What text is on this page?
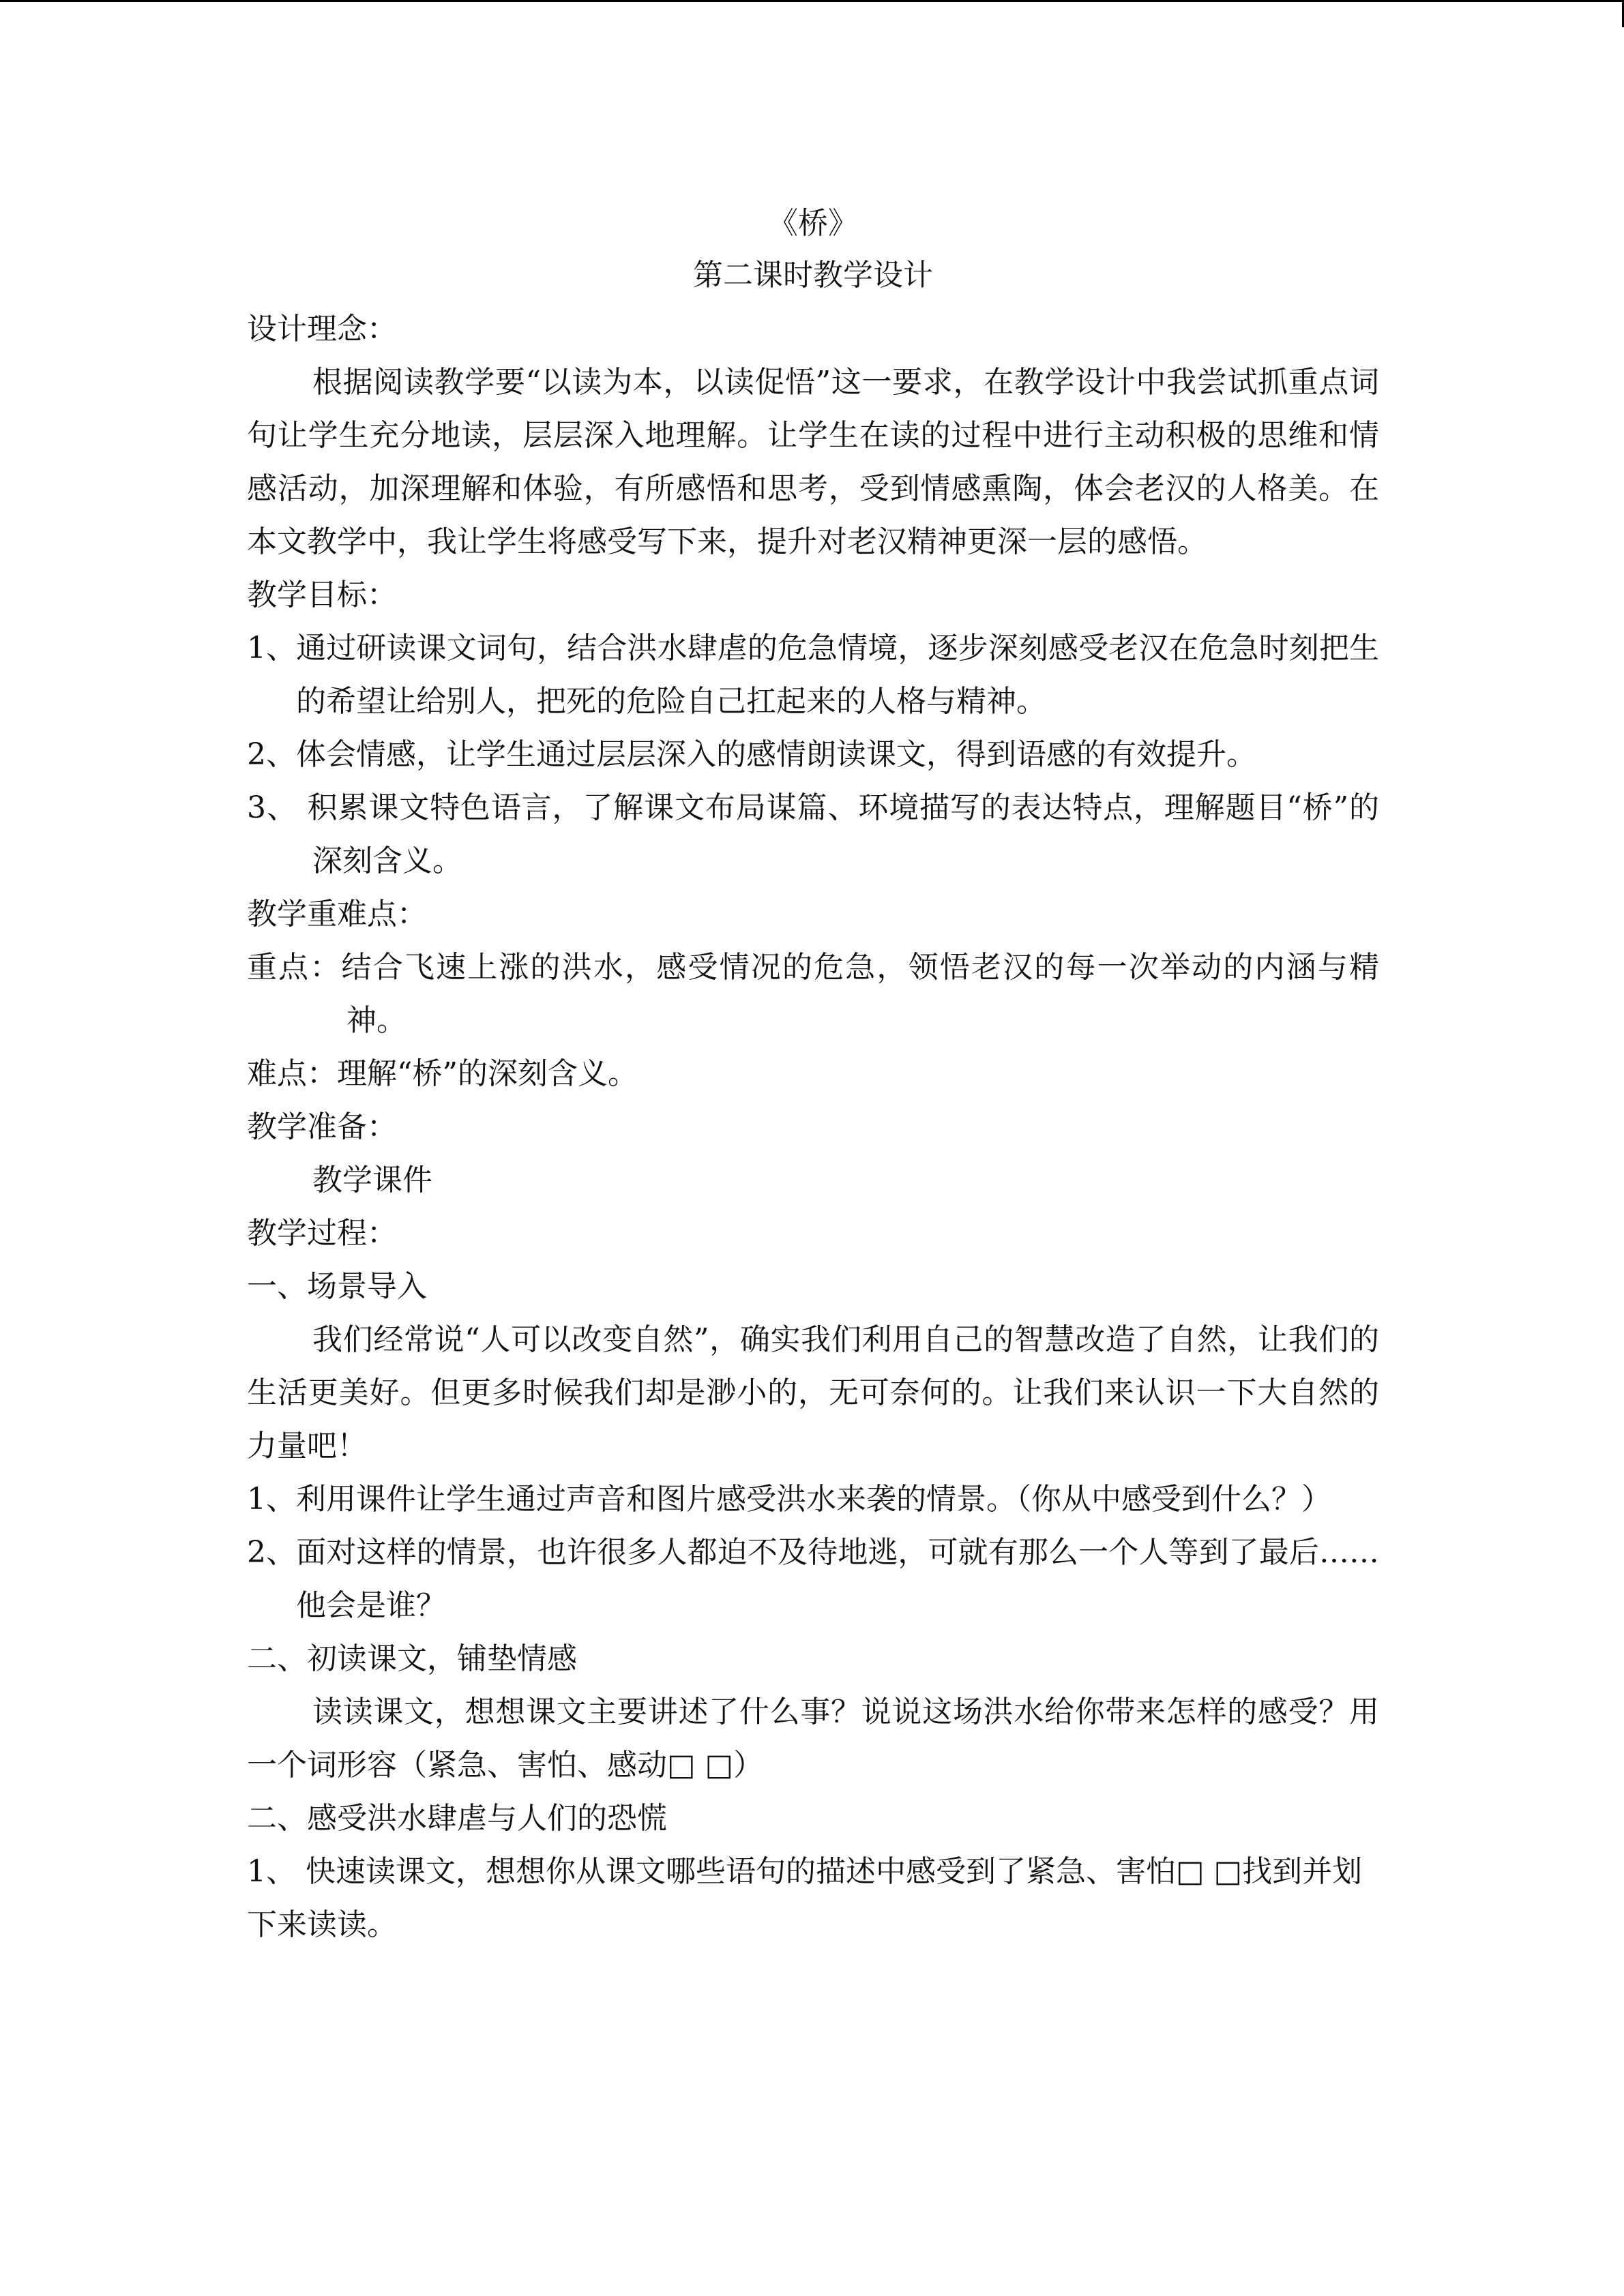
《桥》

第二课时教学设计

设计理念：

根据阅读教学要“以读为本，以读促悟”这一要求，在教学设计中我尝试抓重点词句让学生充分地读，层层深入地理解。让学生在读的过程中进行主动积极的思维和情感活动，加深理解和体验，有所感悟和思考，受到情感熏陶，体会老汉的人格美。在本文教学中，我让学生将感受写下来，提升对老汉精神更深一层的感悟。

教学目标：

1、通过研读课文词句，结合洪水肆虐的危急情境，逐步深刻感受老汉在危急时刻把生的希望让给别人，把死的危险自己扛起来的人格与精神。

2、体会情感，让学生通过层层深入的感情朗读课文，得到语感的有效提升。

3、 积累课文特色语言，了解课文布局谋篇、环境描写的表达特点，理解题目“桥”的深刻含义。

教学重难点：

重点：结合飞速上涨的洪水，感受情况的危急，领悟老汉的每一次举动的内涵与精神。

难点：理解“桥”的深刻含义。

教学准备：

教学课件

教学过程：

一、场景导入

我们经常说“人可以改变自然”，确实我们利用自己的智慧改造了自然，让我们的生活更美好。但更多时候我们却是渺小的，无可奈何的。让我们来认识一下大自然的力量吧！

1、利用课件让学生通过声音和图片感受洪水来袭的情景。（你从中感受到什么？）

2、面对这样的情景，也许很多人都迫不及待地逃，可就有那么一个人等到了最后……他会是谁？

二、初读课文，铺垫情感

读读课文，想想课文主要讲述了什么事？说说这场洪水给你带来怎样的感受？用一个词形容（紧急、害怕、感动□ □）

二、感受洪水肆虐与人们的恐慌

1、 快速读课文，想想你从课文哪些语句的描述中感受到了紧急、害怕□ □找到并划下来读读。
